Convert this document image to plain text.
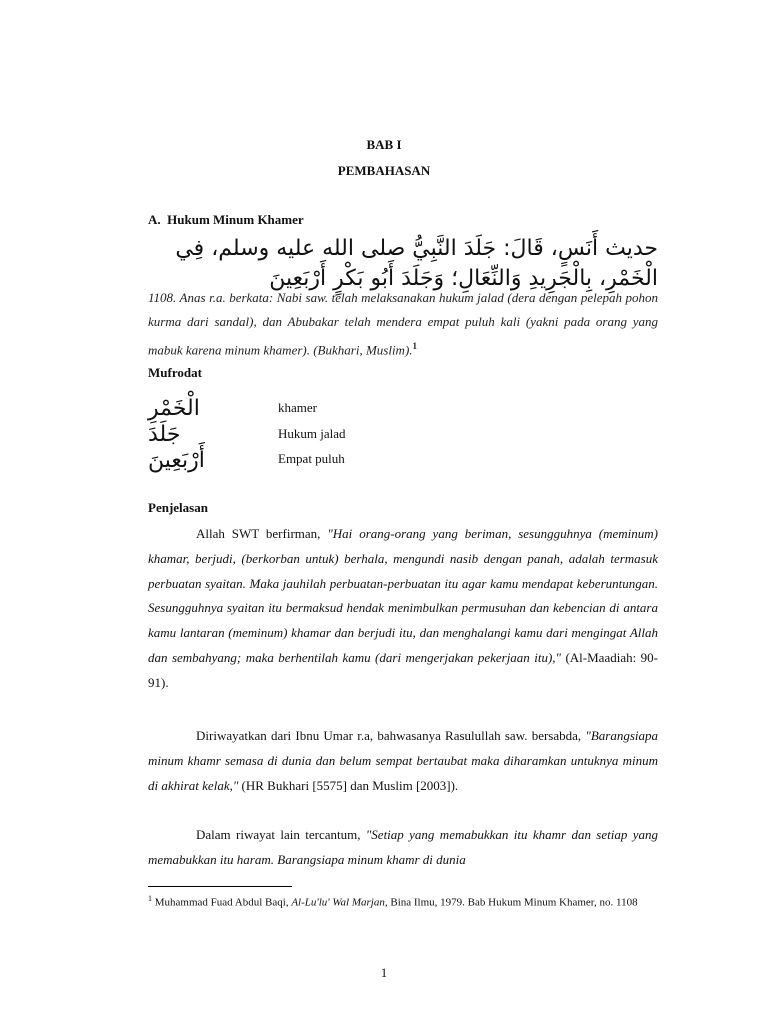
BAB I
PEMBAHASAN
A. Hukum Minum Khamer
حديث أَنَسٍ، قَالَ: جَلَدَ النَّبِيُّ صلى الله عليه وسلم، فِي
الْخَمْرِ، بِالْجَرِيدِ وَالنِّعَالِ؛ وَجَلَدَ أَبُو بَكْرٍ أَرْبَعِينَ
1108. Anas r.a. berkata: Nabi saw. telah melaksanakan hukum jalad (dera dengan pelepah pohon kurma dari sandal), dan Abubakar telah mendera empat puluh kali (yakni pada orang yang mabuk karena minum khamer). (Bukhari, Muslim).$^1$
Mufrodat
الْخَمْرِ	khamer
جَلَدَ	Hukum jalad
أَرْبَعِينَ	Empat puluh
Penjelasan
Allah SWT berfirman, "Hai orang-orang yang beriman, sesungguhnya (meminum) khamar, berjudi, (berkorban untuk) berhala, mengundi nasib dengan panah, adalah termasuk perbuatan syaitan. Maka jauhilah perbuatan-perbuatan itu agar kamu mendapat keberuntungan. Sesungguhnya syaitan itu bermaksud hendak menimbulkan permusuhan dan kebencian di antara kamu lantaran (meminum) khamar dan berjudi itu, dan menghalangi kamu dari mengingat Allah dan sembahyang; maka berhentilah kamu (dari mengerjakan pekerjaan itu)," (Al-Maadiah: 90-91).
Diriwayatkan dari Ibnu Umar r.a, bahwasanya Rasulullah saw. bersabda, "Barangsiapa minum khamr semasa di dunia dan belum sempat bertaubat maka diharamkan untuknya minum di akhirat kelak," (HR Bukhari [5575] dan Muslim [2003]).
Dalam riwayat lain tercantum, "Setiap yang memabukkan itu khamr dan setiap yang memabukkan itu haram. Barangsiapa minum khamr di dunia
$^1$ Muhammad Fuad Abdul Baqi, Al-Lu'lu' Wal Marjan, Bina Ilmu, 1979. Bab Hukum Minum Khamer, no. 1108
1
